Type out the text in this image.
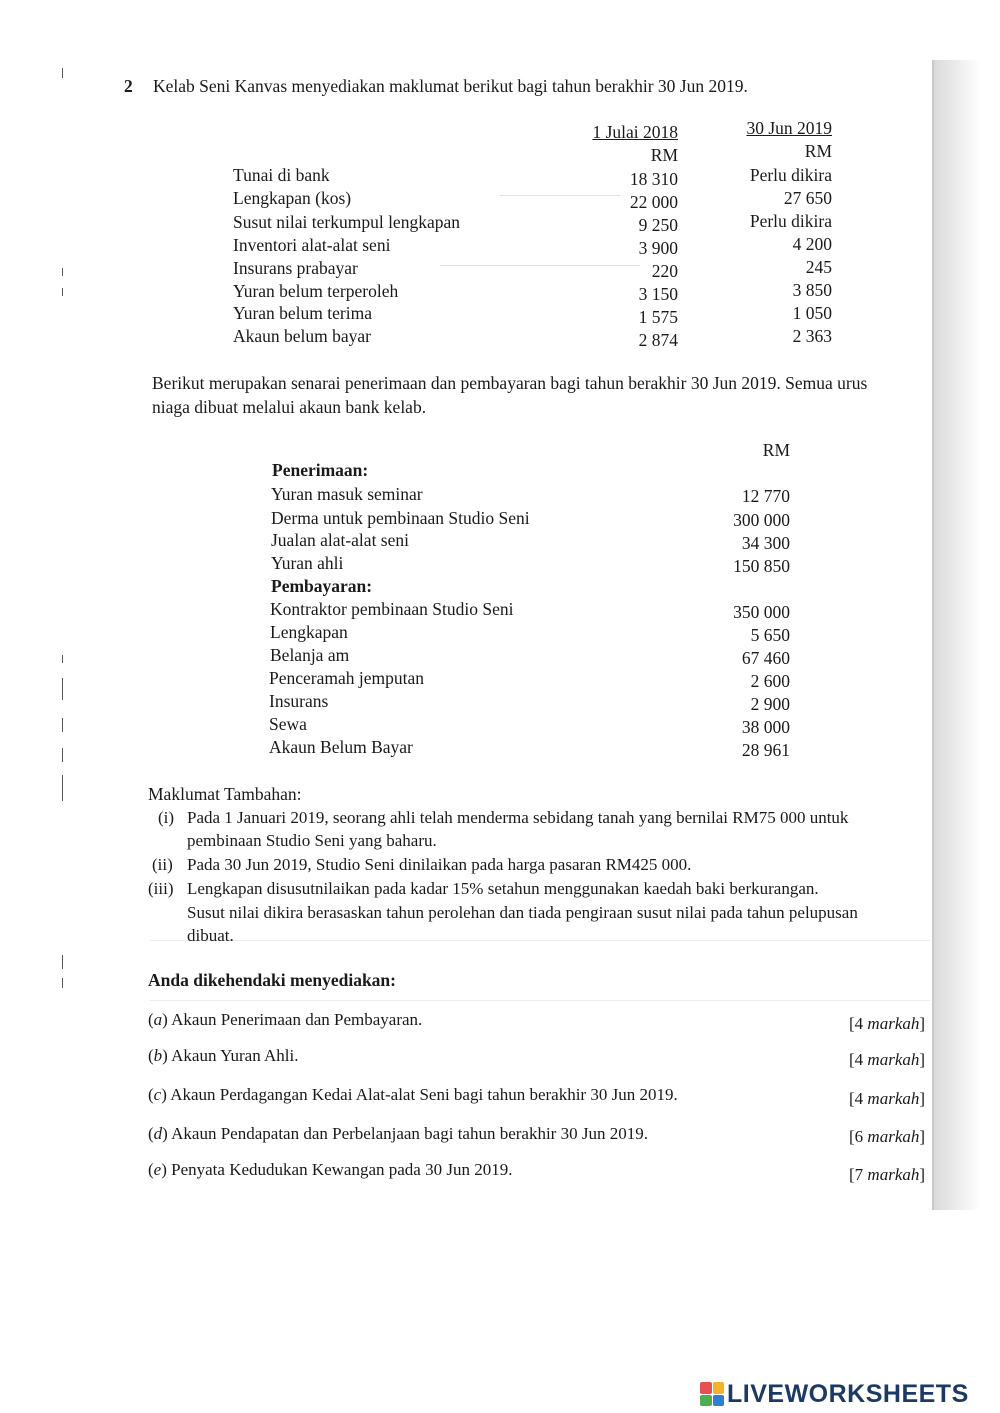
2 Kelab Seni Kanvas menyediakan maklumat berikut bagi tahun berakhir 30 Jun 2019.
1 Julai 2018	30 Jun 2019
RM	RM
Tunai di bank	18 310	Perlu dikira
Lengkapan (kos)	22 000	27 650
Susut nilai terkumpul lengkapan	9 250	Perlu dikira
Inventori alat-alat seni	3 900	4 200
Insurans prabayar	220	245
Yuran belum terperoleh	3 150	3 850
Yuran belum terima	1 575	1 050
Akaun belum bayar	2 874	2 363
Berikut merupakan senarai penerimaan dan pembayaran bagi tahun berakhir 30 Jun 2019. Semua urus
niaga dibuat melalui akaun bank kelab.
RM
Penerimaan:
Yuran masuk seminar	12 770
Derma untuk pembinaan Studio Seni	300 000
Jualan alat-alat seni	34 300
Yuran ahli	150 850
Pembayaran:
Kontraktor pembinaan Studio Seni	350 000
Lengkapan	5 650
Belanja am	67 460
Penceramah jemputan	2 600
Insurans	2 900
Sewa	38 000
Akaun Belum Bayar	28 961
Maklumat Tambahan:
(i) Pada 1 Januari 2019, seorang ahli telah menderma sebidang tanah yang bernilai RM75 000 untuk
pembinaan Studio Seni yang baharu.
(ii) Pada 30 Jun 2019, Studio Seni dinilaikan pada harga pasaran RM425 000.
(iii) Lengkapan disusutnilaikan pada kadar 15% setahun menggunakan kaedah baki berkurangan.
Susut nilai dikira berasaskan tahun perolehan dan tiada pengiraan susut nilai pada tahun pelupusan
dibuat.
Anda dikehendaki menyediakan:
(a) Akaun Penerimaan dan Pembayaran.	[4 markah]
(b) Akaun Yuran Ahli.	[4 markah]
(c) Akaun Perdagangan Kedai Alat-alat Seni bagi tahun berakhir 30 Jun 2019.	[4 markah]
(d) Akaun Pendapatan dan Perbelanjaan bagi tahun berakhir 30 Jun 2019.	[6 markah]
(e) Penyata Kedudukan Kewangan pada 30 Jun 2019.	[7 markah]
LIVEWORKSHEETS
